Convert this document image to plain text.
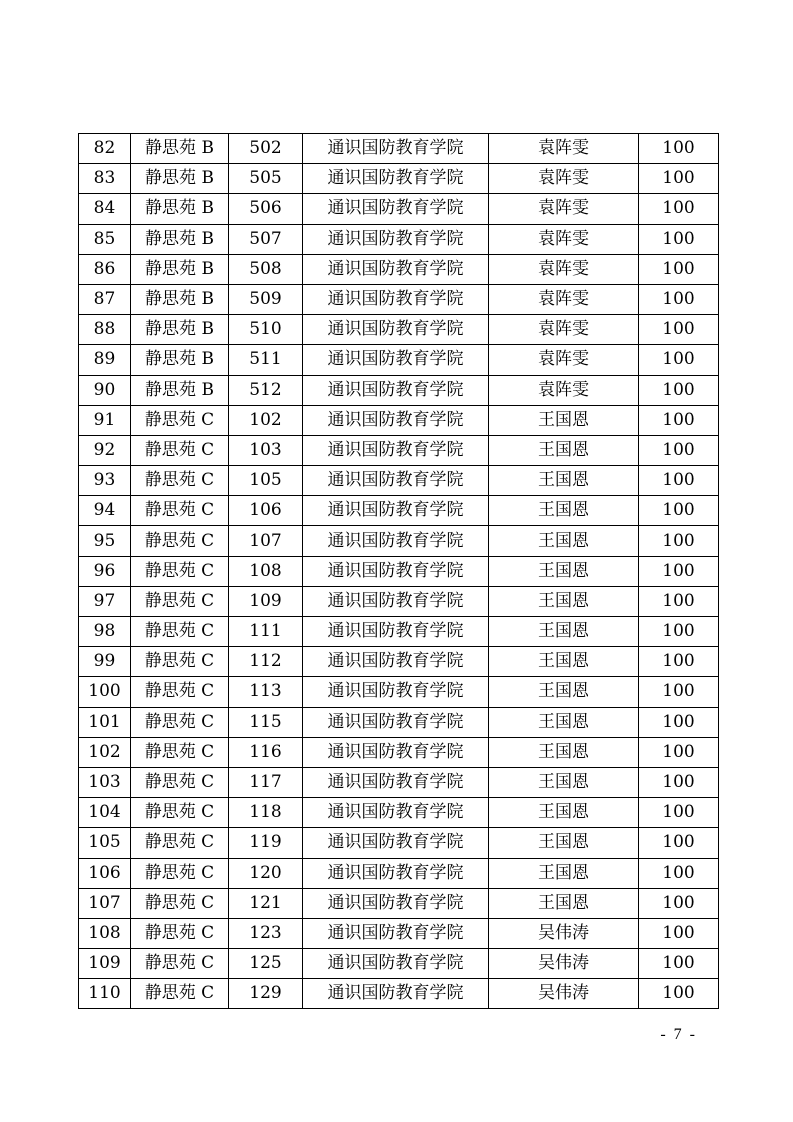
82	静思苑 B	502	通识国防教育学院	袁阵雯	100
83	静思苑 B	505	通识国防教育学院	袁阵雯	100
84	静思苑 B	506	通识国防教育学院	袁阵雯	100
85	静思苑 B	507	通识国防教育学院	袁阵雯	100
86	静思苑 B	508	通识国防教育学院	袁阵雯	100
87	静思苑 B	509	通识国防教育学院	袁阵雯	100
88	静思苑 B	510	通识国防教育学院	袁阵雯	100
89	静思苑 B	511	通识国防教育学院	袁阵雯	100
90	静思苑 B	512	通识国防教育学院	袁阵雯	100
91	静思苑 C	102	通识国防教育学院	王国恩	100
92	静思苑 C	103	通识国防教育学院	王国恩	100
93	静思苑 C	105	通识国防教育学院	王国恩	100
94	静思苑 C	106	通识国防教育学院	王国恩	100
95	静思苑 C	107	通识国防教育学院	王国恩	100
96	静思苑 C	108	通识国防教育学院	王国恩	100
97	静思苑 C	109	通识国防教育学院	王国恩	100
98	静思苑 C	111	通识国防教育学院	王国恩	100
99	静思苑 C	112	通识国防教育学院	王国恩	100
100	静思苑 C	113	通识国防教育学院	王国恩	100
101	静思苑 C	115	通识国防教育学院	王国恩	100
102	静思苑 C	116	通识国防教育学院	王国恩	100
103	静思苑 C	117	通识国防教育学院	王国恩	100
104	静思苑 C	118	通识国防教育学院	王国恩	100
105	静思苑 C	119	通识国防教育学院	王国恩	100
106	静思苑 C	120	通识国防教育学院	王国恩	100
107	静思苑 C	121	通识国防教育学院	王国恩	100
108	静思苑 C	123	通识国防教育学院	吴伟涛	100
109	静思苑 C	125	通识国防教育学院	吴伟涛	100
110	静思苑 C	129	通识国防教育学院	吴伟涛	100
- 7 -
